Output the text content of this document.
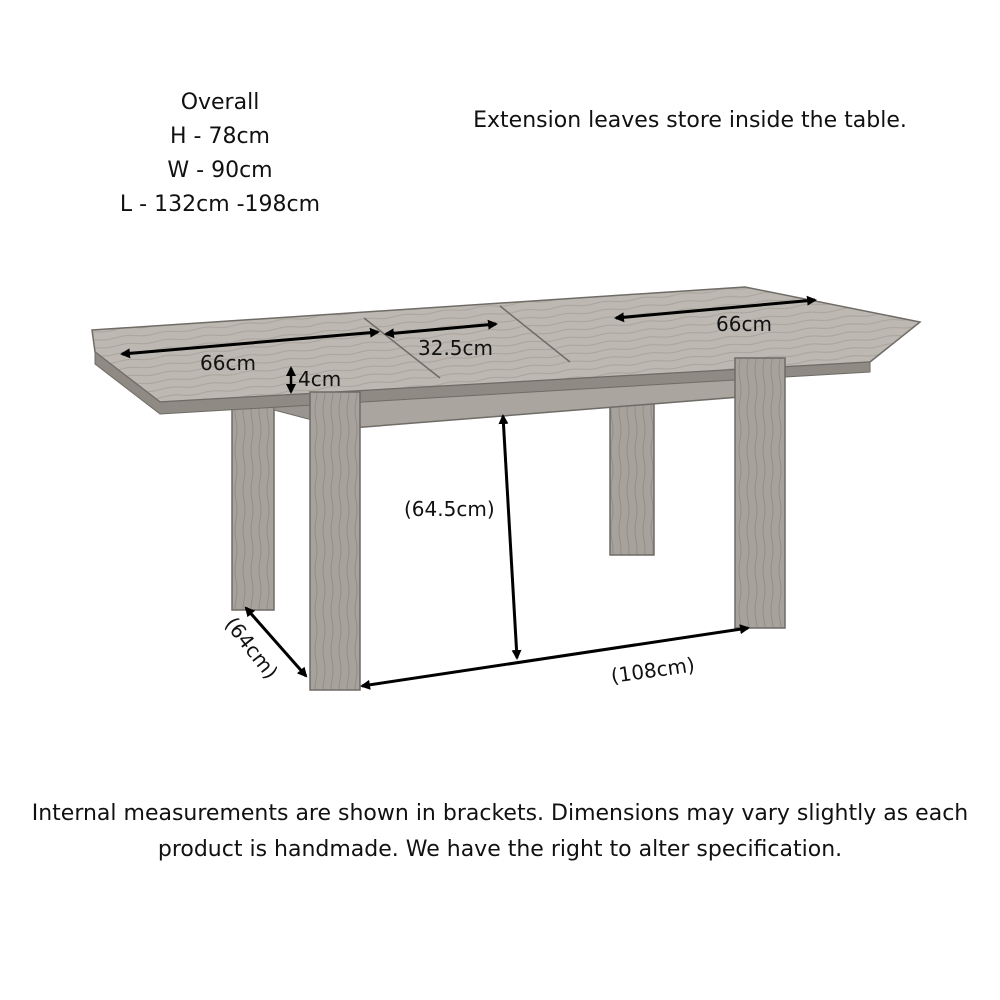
Overall
H - 78cm
W - 90cm
L - 132cm -198cm
Extension leaves store inside the table.
66cm
32.5cm
66cm
4cm
(64.5cm)
(64cm)	(108cm)
Internal measurements are shown in brackets. Dimensions may vary slightly as each
product is handmade. We have the right to alter specification.
